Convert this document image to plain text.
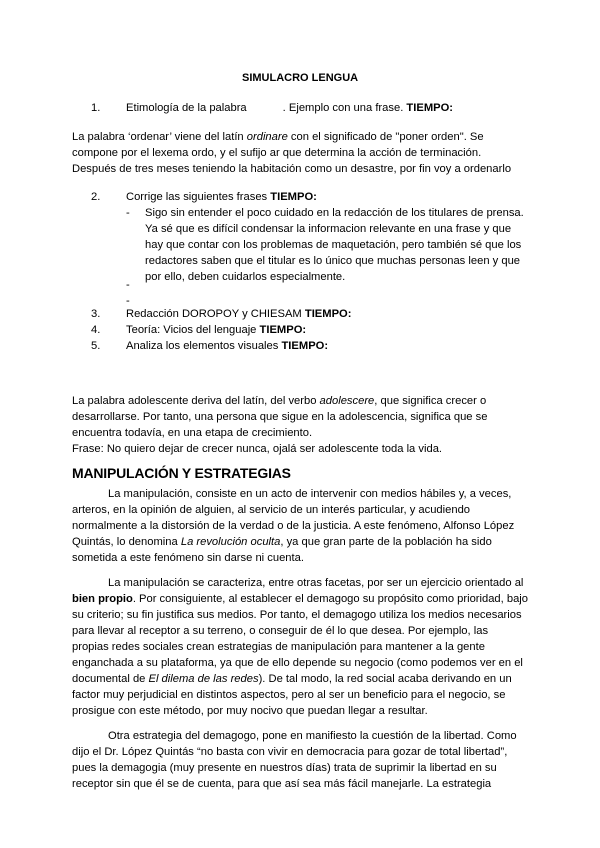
SIMULACRO LENGUA
1. Etimología de la palabra	. Ejemplo con una frase. TIEMPO:
La palabra ‘ordenar’ viene del latín ordinare con el significado de "poner orden". Se
compone por el lexema ordo, y el sufijo ar que determina la acción de terminación.
Después de tres meses teniendo la habitación como un desastre, por fin voy a ordenarlo
2. Corrige las siguientes frases TIEMPO:
- Sigo sin entender el poco cuidado en la redacción de los titulares de prensa.
Ya sé que es difícil condensar la informacion relevante en una frase y que
hay que contar con los problemas de maquetación, pero también sé que los
redactores saben que el titular es lo único que muchas personas leen y que
por ello, deben cuidarlos especialmente.
-
-
3. Redacción DOROPOY y CHIESAM TIEMPO:
4. Teoría: Vicios del lenguaje TIEMPO:
5. Analiza los elementos visuales TIEMPO:
La palabra adolescente deriva del latín, del verbo adolescere, que significa crecer o
desarrollarse. Por tanto, una persona que sigue en la adolescencia, significa que se
encuentra todavía, en una etapa de crecimiento.
Frase: No quiero dejar de crecer nunca, ojalá ser adolescente toda la vida.
MANIPULACIÓN Y ESTRATEGIAS
La manipulación, consiste en un acto de intervenir con medios hábiles y, a veces,
arteros, en la opinión de alguien, al servicio de un interés particular, y acudiendo
normalmente a la distorsión de la verdad o de la justicia. A este fenómeno, Alfonso López
Quintás, lo denomina La revolución oculta, ya que gran parte de la población ha sido
sometida a este fenómeno sin darse ni cuenta.
La manipulación se caracteriza, entre otras facetas, por ser un ejercicio orientado al
bien propio. Por consiguiente, al establecer el demagogo su propósito como prioridad, bajo
su criterio; su fin justifica sus medios. Por tanto, el demagogo utiliza los medios necesarios
para llevar al receptor a su terreno, o conseguir de él lo que desea. Por ejemplo, las
propias redes sociales crean estrategias de manipulación para mantener a la gente
enganchada a su plataforma, ya que de ello depende su negocio (como podemos ver en el
documental de El dilema de las redes). De tal modo, la red social acaba derivando en un
factor muy perjudicial en distintos aspectos, pero al ser un beneficio para el negocio, se
prosigue con este método, por muy nocivo que puedan llegar a resultar.
Otra estrategia del demagogo, pone en manifiesto la cuestión de la libertad. Como
dijo el Dr. López Quintás “no basta con vivir en democracia para gozar de total libertad”,
pues la demagogia (muy presente en nuestros días) trata de suprimir la libertad en su
receptor sin que él se de cuenta, para que así sea más fácil manejarle. La estrategia
